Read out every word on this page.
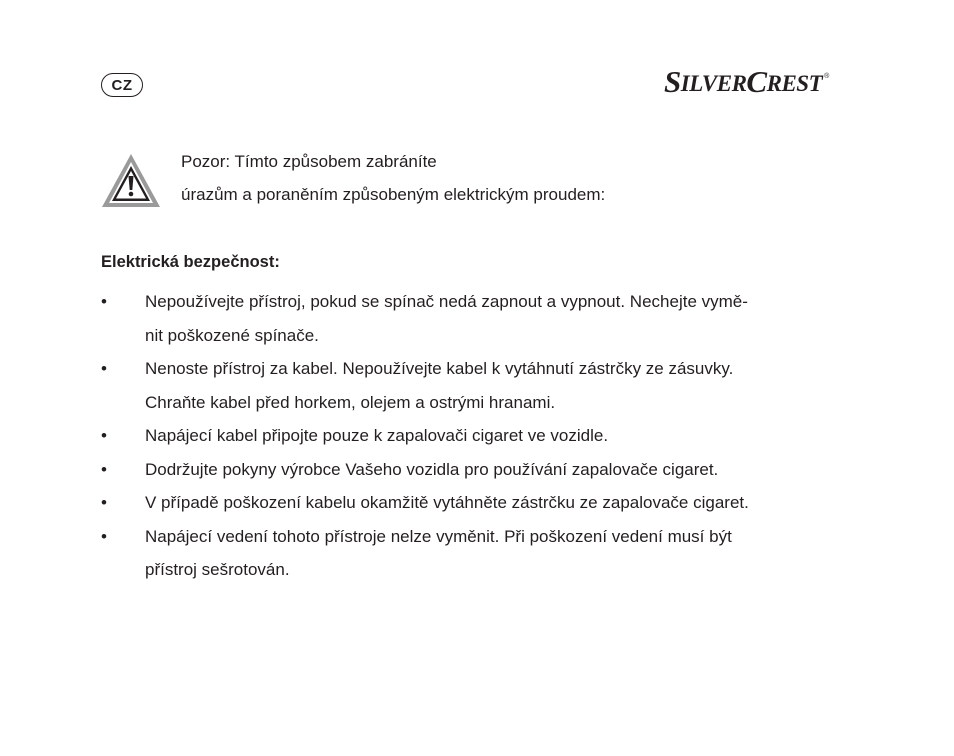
CZ	S ILVER C REST ®
Pozor: Tímto způsobem zabráníte
úrazům a poraněním způsobeným elektrickým proudem:
Elektrická bezpečnost:
• Nepoužívejte přístroj, pokud se spínač nedá zapnout a vypnout. Nechejte vymě-
nit poškozené spínače.
• Nenoste přístroj za kabel. Nepoužívejte kabel k vytáhnutí zástrčky ze zásuvky.
Chraňte kabel před horkem, olejem a ostrými hranami.
• Napájecí kabel připojte pouze k zapalovači cigaret ve vozidle.
• Dodržujte pokyny výrobce Vašeho vozidla pro používání zapalovače cigaret.
• V případě poškození kabelu okamžitě vytáhněte zástrčku ze zapalovače cigaret.
• Napájecí vedení tohoto přístroje nelze vyměnit. Při poškození vedení musí být
přístroj sešrotován.
